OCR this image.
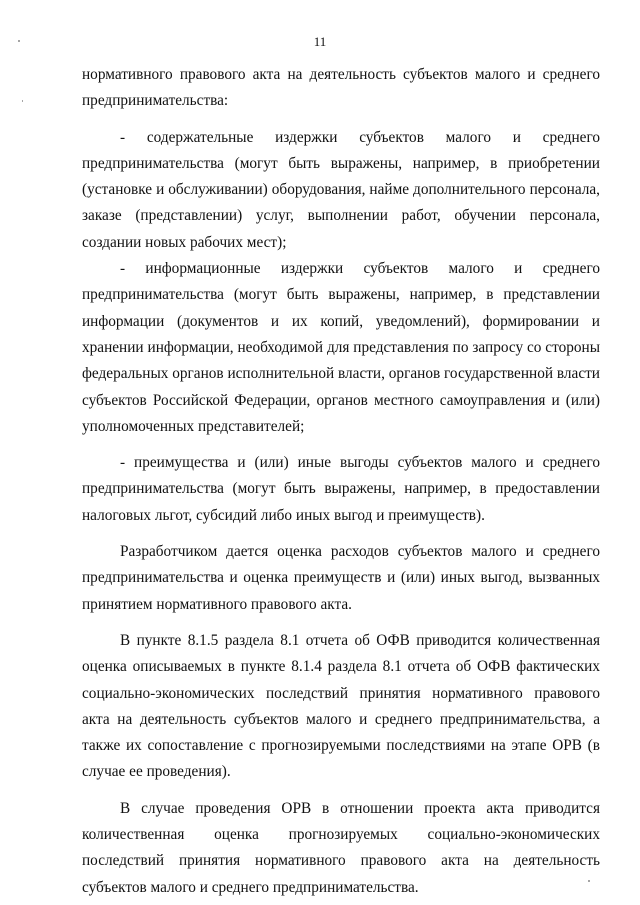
11

нормативного правового акта на деятельность субъектов малого и среднего предпринимательства:

- содержательные издержки субъектов малого и среднего предпринимательства (могут быть выражены, например, в приобретении (установке и обслуживании) оборудования, найме дополнительного персонала, заказе (представлении) услуг, выполнении работ, обучении персонала, создании новых рабочих мест);

- информационные издержки субъектов малого и среднего предпринимательства (могут быть выражены, например, в представлении информации (документов и их копий, уведомлений), формировании и хранении информации, необходимой для представления по запросу со стороны федеральных органов исполнительной власти, органов государственной власти субъектов Российской Федерации, органов местного самоуправления и (или) уполномоченных представителей;

- преимущества и (или) иные выгоды субъектов малого и среднего предпринимательства (могут быть выражены, например, в предоставлении налоговых льгот, субсидий либо иных выгод и преимуществ).

Разработчиком дается оценка расходов субъектов малого и среднего предпринимательства и оценка преимуществ и (или) иных выгод, вызванных принятием нормативного правового акта.

В пункте 8.1.5 раздела 8.1 отчета об ОФВ приводится количественная оценка описываемых в пункте 8.1.4 раздела 8.1 отчета об ОФВ фактических социально-экономических последствий принятия нормативного правового акта на деятельность субъектов малого и среднего предпринимательства, а также их сопоставление с прогнозируемыми последствиями на этапе ОРВ (в случае ее проведения).

В случае проведения ОРВ в отношении проекта акта приводится количественная оценка прогнозируемых социально-экономических последствий принятия нормативного правового акта на деятельность субъектов малого и среднего предпринимательства.
